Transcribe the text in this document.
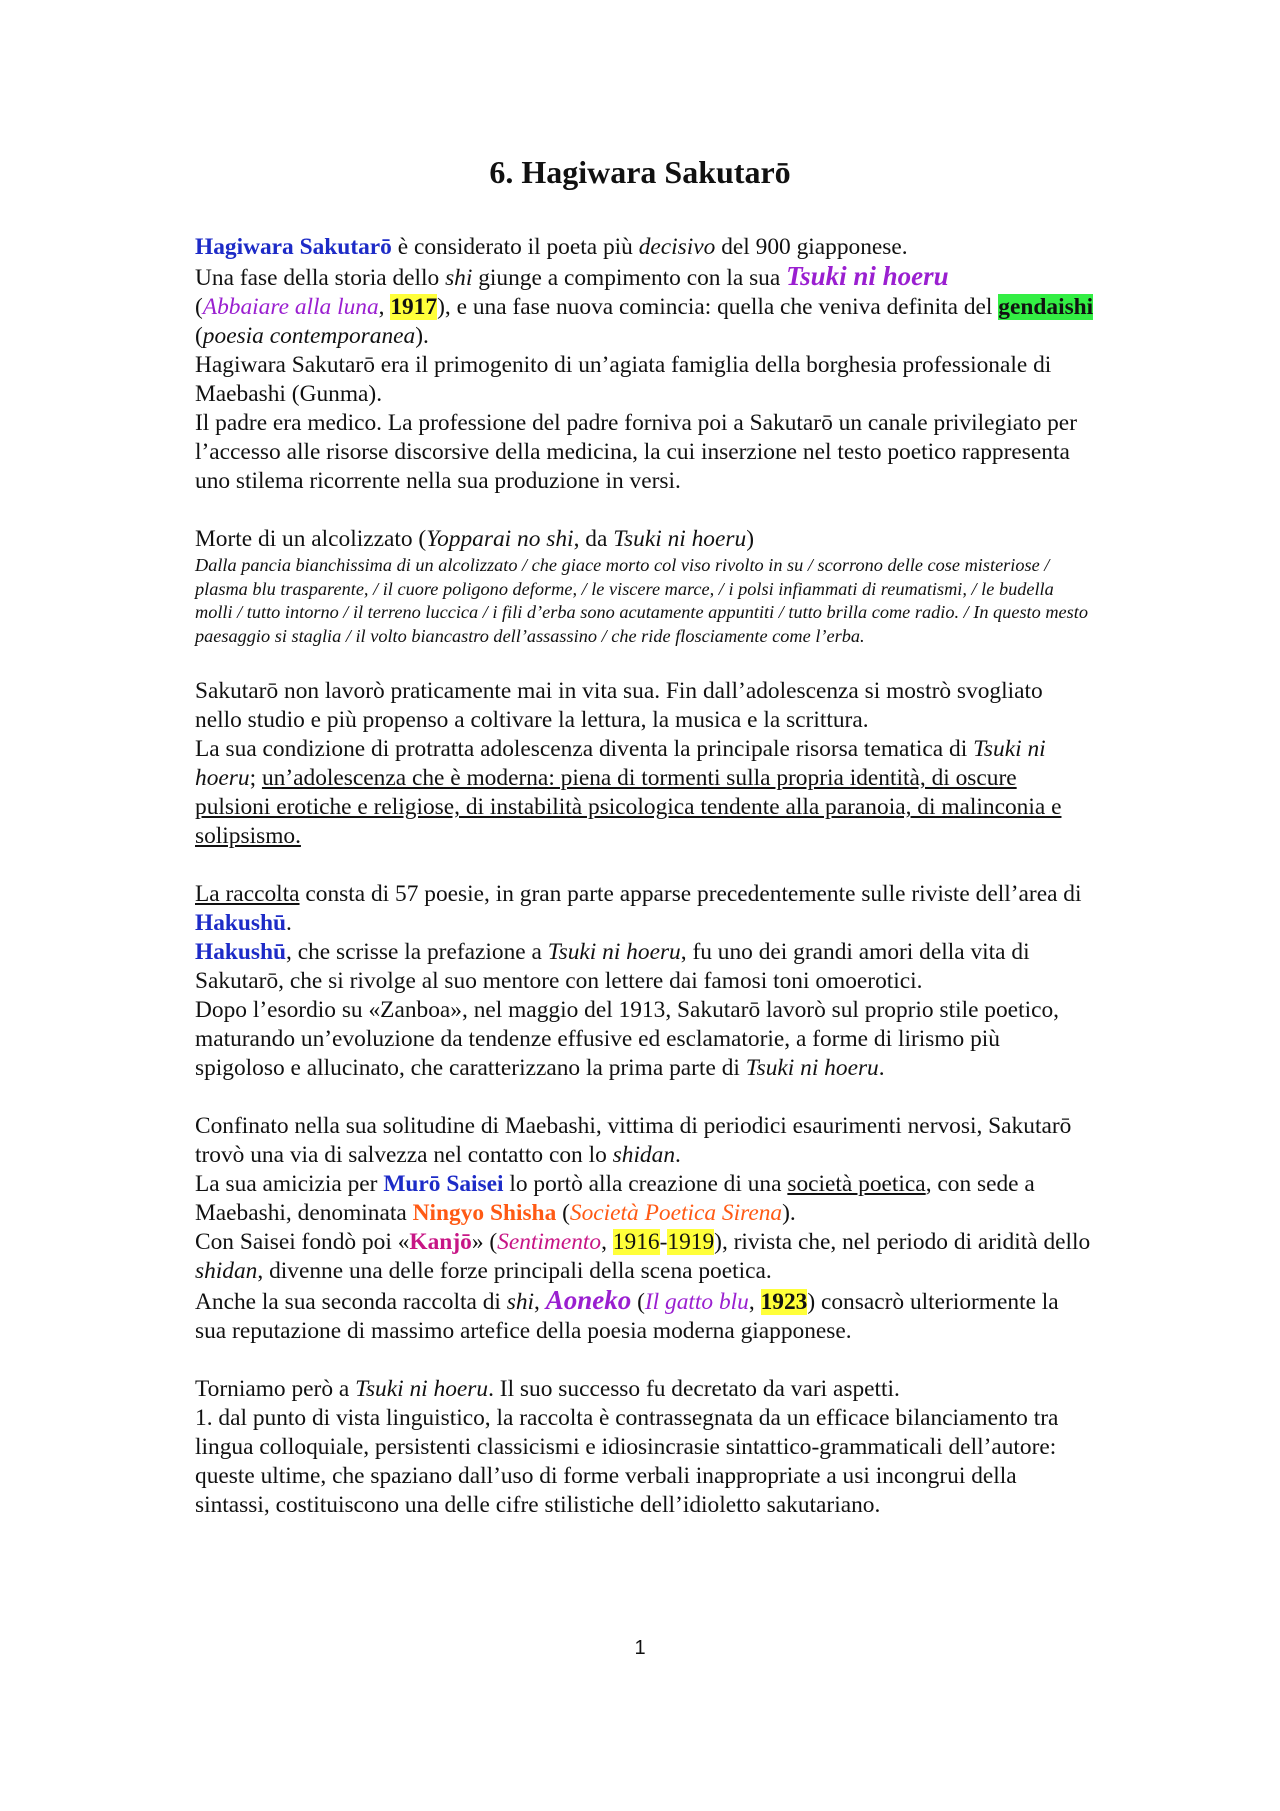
6. Hagiwara Sakutarō

Hagiwara Sakutarō è considerato il poeta più decisivo del 900 giapponese.

Una fase della storia dello shi giunge a compimento con la sua Tsuki ni hoeru
(Abbaiare alla luna, 1917), e una fase nuova comincia: quella che veniva definita del gendaishi (poesia contemporanea).

Hagiwara Sakutarō era il primogenito di un’agiata famiglia della borghesia professionale di Maebashi (Gunma).

Il padre era medico. La professione del padre forniva poi a Sakutarō un canale privilegiato per l’accesso alle risorse discorsive della medicina, la cui inserzione nel testo poetico rappresenta uno stilema ricorrente nella sua produzione in versi.

Morte di un alcolizzato (Yopparai no shi, da Tsuki ni hoeru)

Dalla pancia bianchissima di un alcolizzato / che giace morto col viso rivolto in su / scorrono delle cose misteriose / plasma blu trasparente, / il cuore poligono deforme, / le viscere marce, / i polsi infiammati di reumatismi, / le budella molli / tutto intorno / il terreno luccica / i fili d’erba sono acutamente appuntiti / tutto brilla come radio. / In questo mesto paesaggio si staglia / il volto biancastro dell’assassino / che ride flosciamente come l’erba.

Sakutarō non lavorò praticamente mai in vita sua. Fin dall’adolescenza si mostrò svogliato nello studio e più propenso a coltivare la lettura, la musica e la scrittura.

La sua condizione di protratta adolescenza diventa la principale risorsa tematica di Tsuki ni hoeru; un’adolescenza che è moderna: piena di tormenti sulla propria identità, di oscure pulsioni erotiche e religiose, di instabilità psicologica tendente alla paranoia, di malinconia e solipsismo.

La raccolta consta di 57 poesie, in gran parte apparse precedentemente sulle riviste dell’area di Hakushū.

Hakushū, che scrisse la prefazione a Tsuki ni hoeru, fu uno dei grandi amori della vita di Sakutarō, che si rivolge al suo mentore con lettere dai famosi toni omoerotici.

Dopo l’esordio su «Zanboa», nel maggio del 1913, Sakutarō lavorò sul proprio stile poetico, maturando un’evoluzione da tendenze effusive ed esclamatorie, a forme di lirismo più spigoloso e allucinato, che caratterizzano la prima parte di Tsuki ni hoeru.

Confinato nella sua solitudine di Maebashi, vittima di periodici esaurimenti nervosi, Sakutarō trovò una via di salvezza nel contatto con lo shidan.

La sua amicizia per Murō Saisei lo portò alla creazione di una società poetica, con sede a Maebashi, denominata Ningyo Shisha (Società Poetica Sirena).

Con Saisei fondò poi «Kanjō» (Sentimento, 1916-1919), rivista che, nel periodo di aridità dello shidan, divenne una delle forze principali della scena poetica.

Anche la sua seconda raccolta di shi, Aoneko (Il gatto blu, 1923) consacrò ulteriormente la sua reputazione di massimo artefice della poesia moderna giapponese.

Torniamo però a Tsuki ni hoeru. Il suo successo fu decretato da vari aspetti.

1. dal punto di vista linguistico, la raccolta è contrassegnata da un efficace bilanciamento tra lingua colloquiale, persistenti classicismi e idiosincrasie sintattico-grammaticali dell’autore: queste ultime, che spaziano dall’uso di forme verbali inappropriate a usi incongrui della sintassi, costituiscono una delle cifre stilistiche dell’idioletto sakutariano.

1
